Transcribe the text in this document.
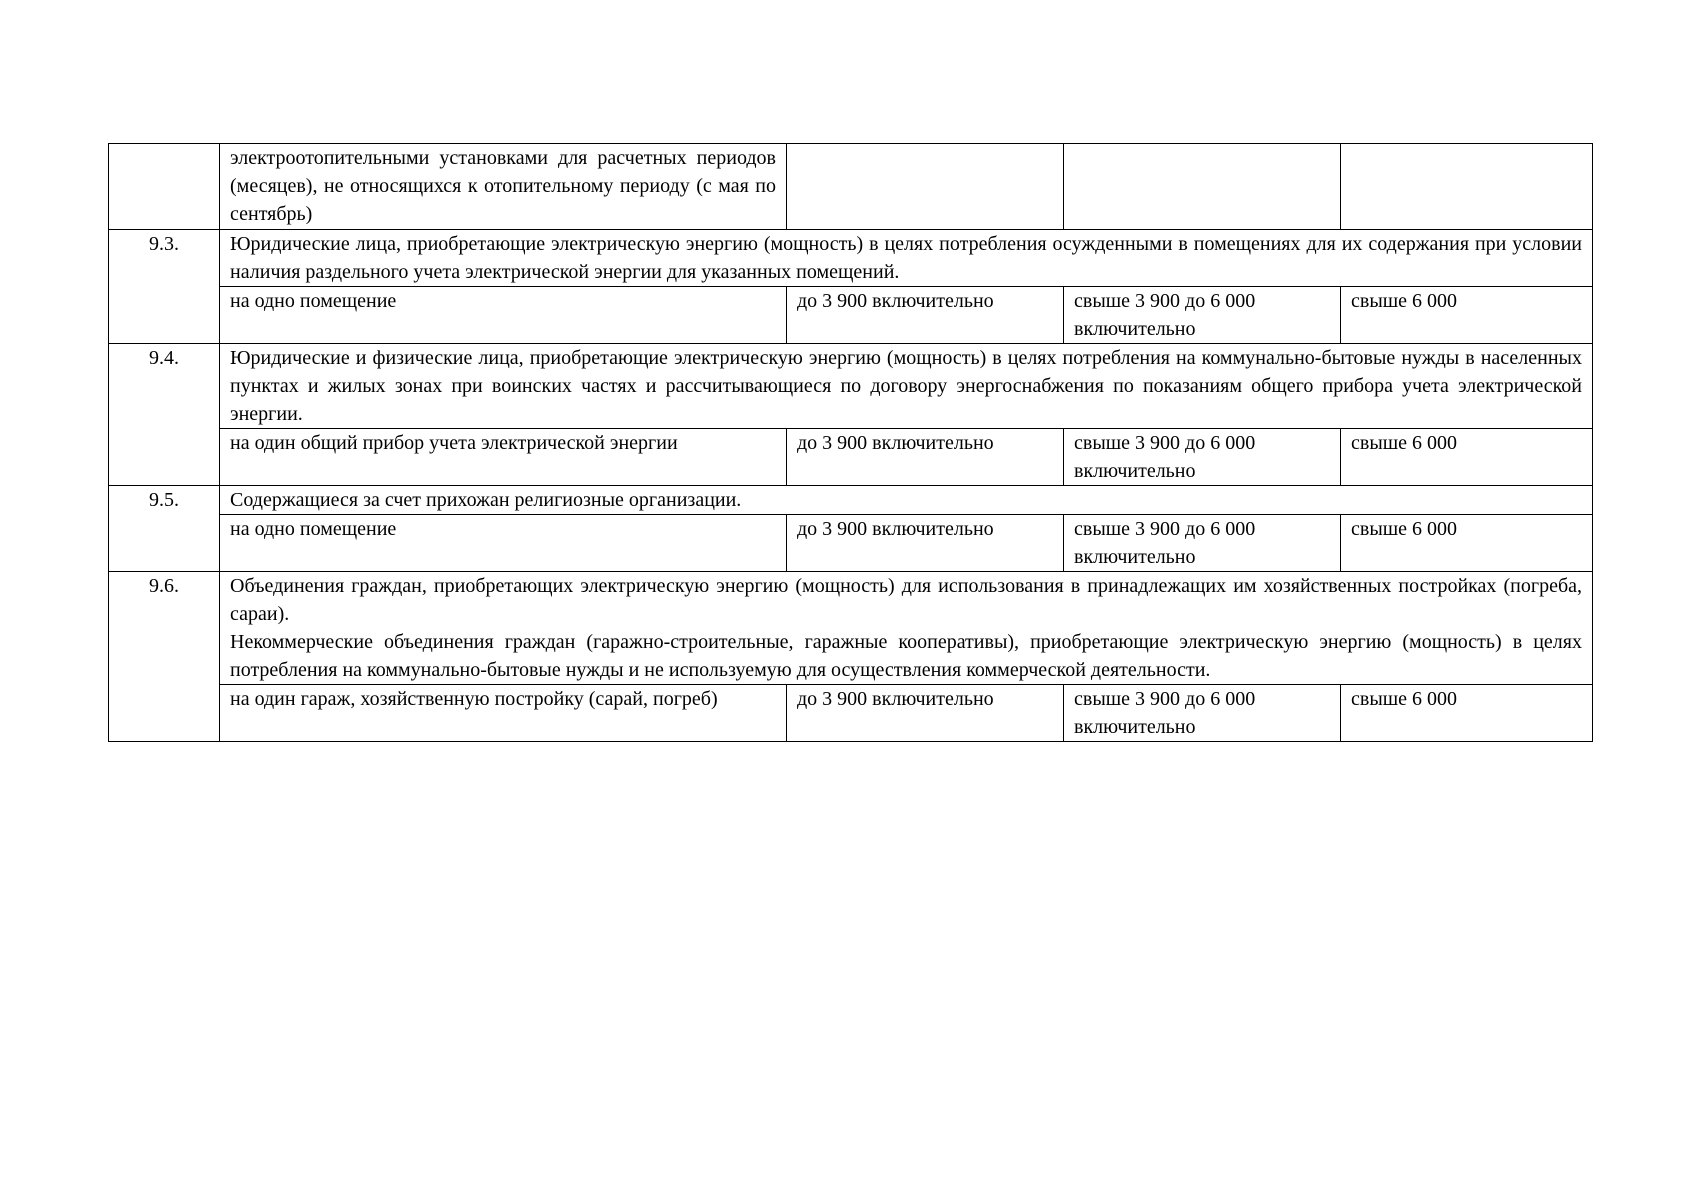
	электроотопительными установками для расчетных периодов (месяцев), не относящихся к отопительному периоду (с мая по сентябрь)			
9.3.	Юридические лица, приобретающие электрическую энергию (мощность) в целях потребления осужденными в помещениях для их содержания при условии наличия раздельного учета электрической энергии для указанных помещений.			

	на одно помещение	до 3 900 включительно	свыше 3 900 до 6 000 включительно	свыше 6 000
9.4.	Юридические и физические лица, приобретающие электрическую энергию (мощность) в целях потребления на коммунально-бытовые нужды в населенных пунктах и жилых зонах при воинских частях и рассчитывающиеся по договору энергоснабжения по показаниям общего прибора учета электрической энергии.			

	на один общий прибор учета электрической энергии	до 3 900 включительно	свыше 3 900 до 6 000 включительно	свыше 6 000
9.5.	Содержащиеся за счет прихожан религиозные организации.			

	на одно помещение	до 3 900 включительно	свыше 3 900 до 6 000 включительно	свыше 6 000
9.6.	Объединения граждан, приобретающих электрическую энергию (мощность) для использования в принадлежащих им хозяйственных постройках (погреба, сараи).
Некоммерческие объединения граждан (гаражно-строительные, гаражные кооперативы), приобретающие электрическую энергию (мощность) в целях потребления на коммунально-бытовые нужды и не используемую для осуществления коммерческой деятельности.			

	на один гараж, хозяйственную постройку (сарай, погреб)	до 3 900 включительно	свыше 3 900 до 6 000 включительно	свыше 6 000
